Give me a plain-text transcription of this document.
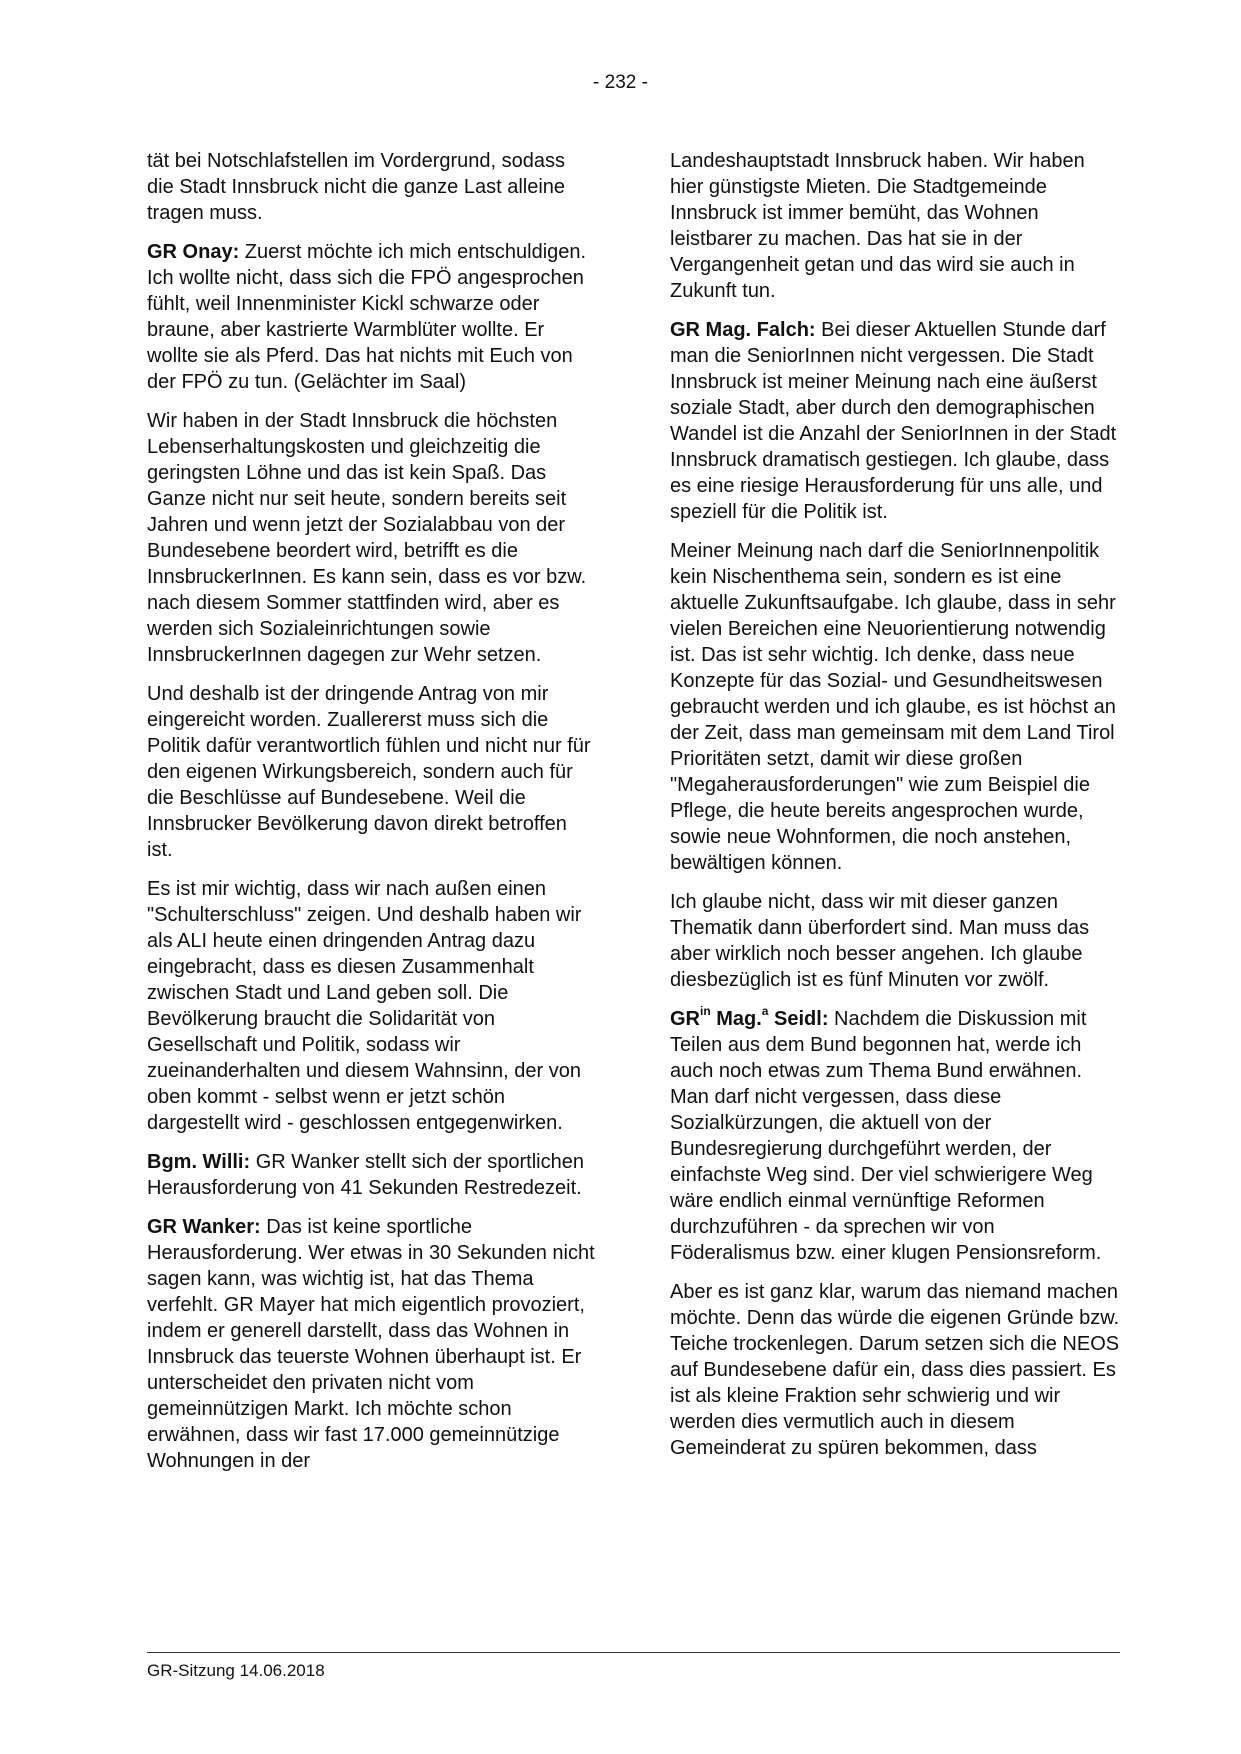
- 232 -

tät bei Notschlafstellen im Vordergrund, sodass die Stadt Innsbruck nicht die ganze Last alleine tragen muss.

GR Onay: Zuerst möchte ich mich entschuldigen. Ich wollte nicht, dass sich die FPÖ angesprochen fühlt, weil Innenminister Kickl schwarze oder braune, aber kastrierte Warmblüter wollte. Er wollte sie als Pferd. Das hat nichts mit Euch von der FPÖ zu tun. (Gelächter im Saal)

Wir haben in der Stadt Innsbruck die höchsten Lebenserhaltungskosten und gleichzeitig die geringsten Löhne und das ist kein Spaß. Das Ganze nicht nur seit heute, sondern bereits seit Jahren und wenn jetzt der Sozialabbau von der Bundesebene beordert wird, betrifft es die InnsbruckerInnen. Es kann sein, dass es vor bzw. nach diesem Sommer stattfinden wird, aber es werden sich Sozialeinrichtungen sowie InnsbruckerInnen dagegen zur Wehr setzen.

Und deshalb ist der dringende Antrag von mir eingereicht worden. Zuallererst muss sich die Politik dafür verantwortlich fühlen und nicht nur für den eigenen Wirkungsbereich, sondern auch für die Beschlüsse auf Bundesebene. Weil die Innsbrucker Bevölkerung davon direkt betroffen ist.

Es ist mir wichtig, dass wir nach außen einen "Schulterschluss" zeigen. Und deshalb haben wir als ALI heute einen dringenden Antrag dazu eingebracht, dass es diesen Zusammenhalt zwischen Stadt und Land geben soll. Die Bevölkerung braucht die Solidarität von Gesellschaft und Politik, sodass wir zueinanderhalten und diesem Wahnsinn, der von oben kommt - selbst wenn er jetzt schön dargestellt wird - geschlossen entgegenwirken.

Bgm. Willi: GR Wanker stellt sich der sportlichen Herausforderung von 41 Sekunden Restredezeit.

GR Wanker: Das ist keine sportliche Herausforderung. Wer etwas in 30 Sekunden nicht sagen kann, was wichtig ist, hat das Thema verfehlt. GR Mayer hat mich eigentlich provoziert, indem er generell darstellt, dass das Wohnen in Innsbruck das teuerste Wohnen überhaupt ist. Er unterscheidet den privaten nicht vom gemeinnützigen Markt. Ich möchte schon erwähnen, dass wir fast 17.000 gemeinnützige Wohnungen in der

Landeshauptstadt Innsbruck haben. Wir haben hier günstigste Mieten. Die Stadtgemeinde Innsbruck ist immer bemüht, das Wohnen leistbarer zu machen. Das hat sie in der Vergangenheit getan und das wird sie auch in Zukunft tun.

GR Mag. Falch: Bei dieser Aktuellen Stunde darf man die SeniorInnen nicht vergessen. Die Stadt Innsbruck ist meiner Meinung nach eine äußerst soziale Stadt, aber durch den demographischen Wandel ist die Anzahl der SeniorInnen in der Stadt Innsbruck dramatisch gestiegen. Ich glaube, dass es eine riesige Herausforderung für uns alle, und speziell für die Politik ist.

Meiner Meinung nach darf die SeniorInnenpolitik kein Nischenthema sein, sondern es ist eine aktuelle Zukunftsaufgabe. Ich glaube, dass in sehr vielen Bereichen eine Neuorientierung notwendig ist. Das ist sehr wichtig. Ich denke, dass neue Konzepte für das Sozial- und Gesundheitswesen gebraucht werden und ich glaube, es ist höchst an der Zeit, dass man gemeinsam mit dem Land Tirol Prioritäten setzt, damit wir diese großen "Megaherausforderungen" wie zum Beispiel die Pflege, die heute bereits angesprochen wurde, sowie neue Wohnformen, die noch anstehen, bewältigen können.

Ich glaube nicht, dass wir mit dieser ganzen Thematik dann überfordert sind. Man muss das aber wirklich noch besser angehen. Ich glaube diesbezüglich ist es fünf Minuten vor zwölf.

$GR^{in}$ Mag.$^a$ Seidl: Nachdem die Diskussion mit Teilen aus dem Bund begonnen hat, werde ich auch noch etwas zum Thema Bund erwähnen. Man darf nicht vergessen, dass diese Sozialkürzungen, die aktuell von der Bundesregierung durchgeführt werden, der einfachste Weg sind. Der viel schwierigere Weg wäre endlich einmal vernünftige Reformen durchzuführen - da sprechen wir von Föderalismus bzw. einer klugen Pensionsreform.

Aber es ist ganz klar, warum das niemand machen möchte. Denn das würde die eigenen Gründe bzw. Teiche trockenlegen. Darum setzen sich die NEOS auf Bundesebene dafür ein, dass dies passiert. Es ist als kleine Fraktion sehr schwierig und wir werden dies vermutlich auch in diesem Gemeinderat zu spüren bekommen, dass

GR-Sitzung 14.06.2018
